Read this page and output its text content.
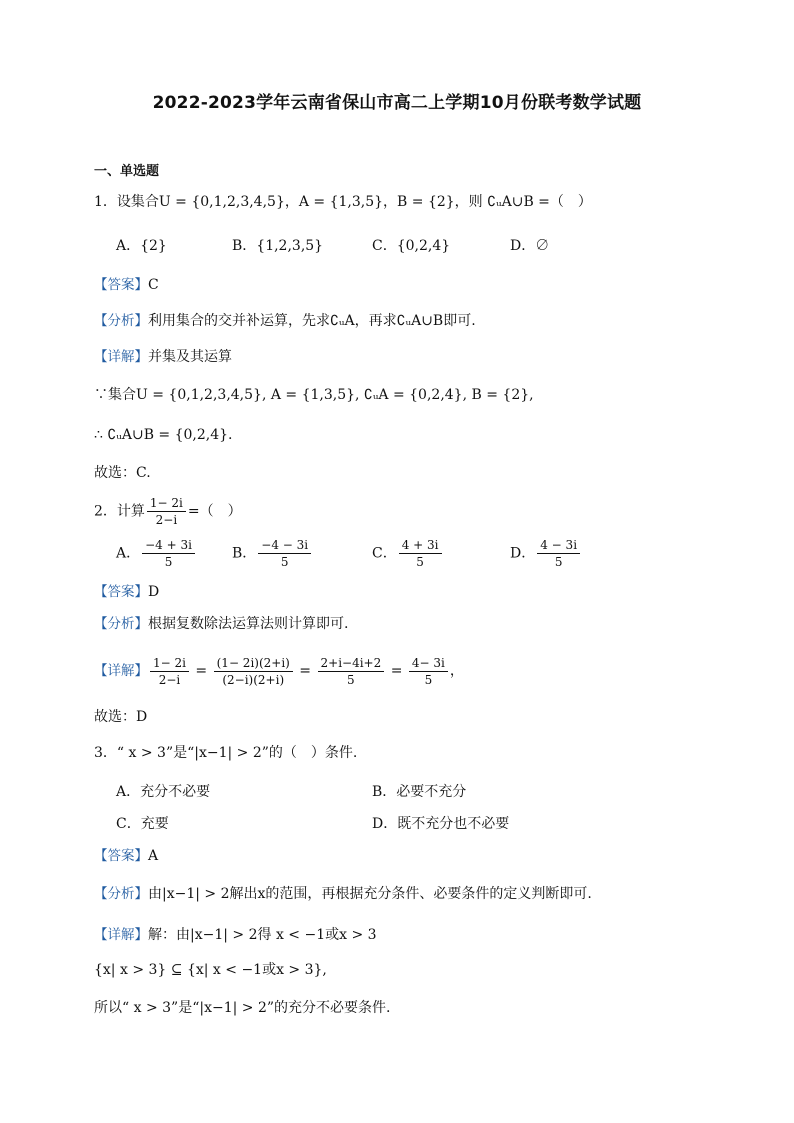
2022-2023学年云南省保山市高二上学期10月份联考数学试题
一、单选题
1．设集合U = {0,1,2,3,4,5}，A = {1,3,5}，B = {2}，则 ∁ᵤA∪B =（　）
A．{2}	B．{1,2,3,5}	C．{0,2,4}	D．∅
【答案】C
【分析】利用集合的交并补运算，先求∁ᵤA，再求∁ᵤA∪B即可.
【详解】并集及其运算
∵集合U = {0,1,2,3,4,5}, A = {1,3,5}, ∁ᵤA = {0,2,4}, B = {2},
∴ ∁ᵤA∪B = {0,2,4}.
故选：C.
2．计算 $\frac{1- 2i}{2-i}$ =（　）
A． $\frac{-4 + 3i}{5}$	B． $\frac{-4 - 3i}{5}$	C． $\frac{4 + 3i}{5}$	D． $\frac{4 - 3i}{5}$
【答案】D
【分析】根据复数除法运算法则计算即可.
【详解】 $\frac{1- 2i}{2-i} = \frac{(1- 2i)(2+i)}{(2-i)(2+i)} = \frac{2+i-4i+2}{5} = \frac{4- 3i}{5}$ ，
故选：D
3．“ x > 3”是“|x−1| > 2”的（　）条件.
A．充分不必要	B．必要不充分
C．充要	D．既不充分也不必要
【答案】A
【分析】由|x−1| > 2解出x的范围，再根据充分条件、必要条件的定义判断即可.
【详解】解：由|x−1| > 2得 x < −1或x > 3
{x| x > 3} ⊆ {x| x < −1或x > 3},
所以“ x > 3”是“|x−1| > 2”的充分不必要条件.
